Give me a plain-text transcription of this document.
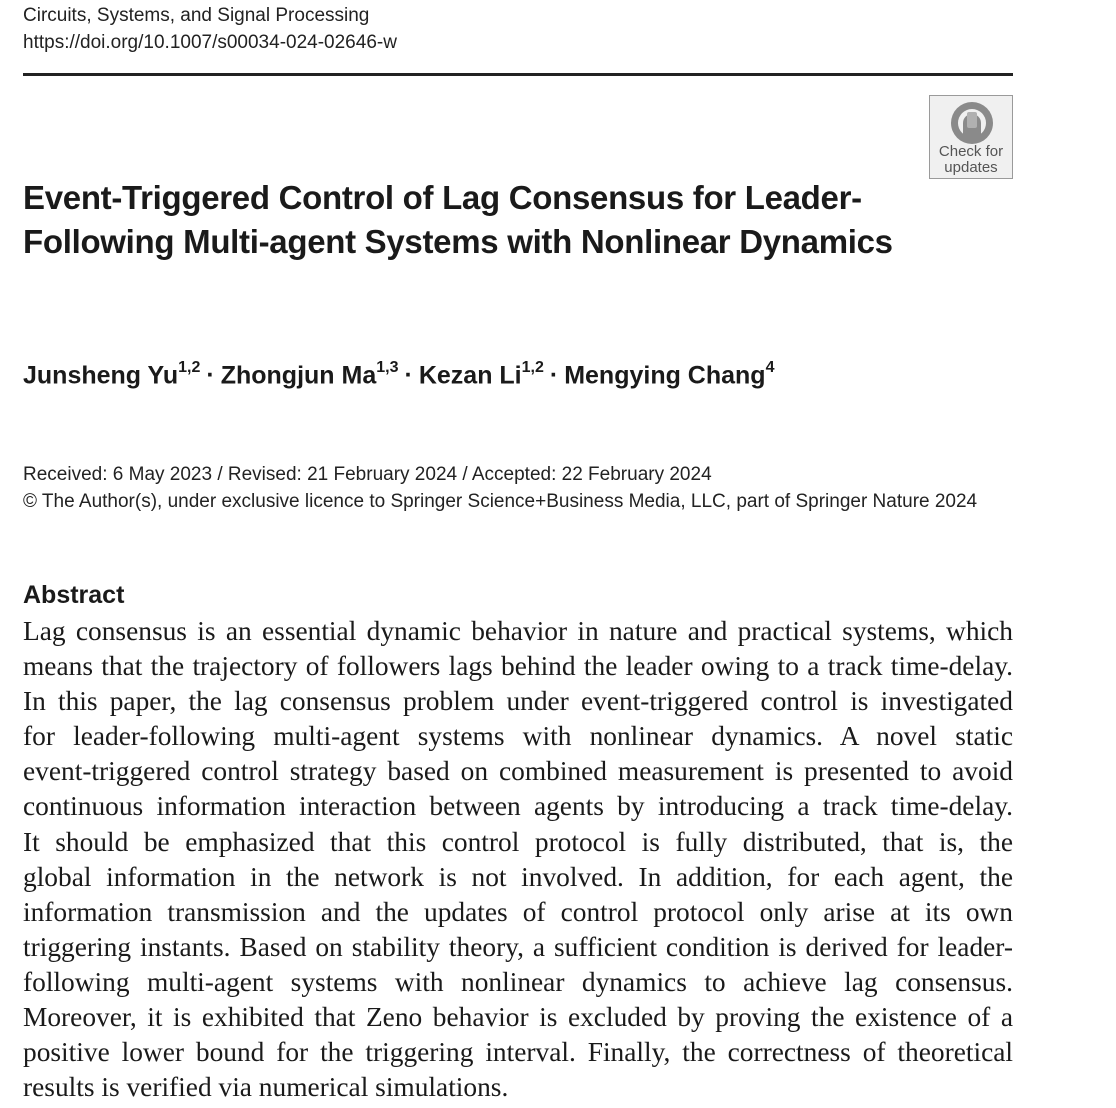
Circuits, Systems, and Signal Processing
https://doi.org/10.1007/s00034-024-02646-w
Check for
updates
Event-Triggered Control of Lag Consensus for Leader-Following Multi-agent Systems with Nonlinear Dynamics
Junsheng Yu$^{1,2}$ · Zhongjun Ma$^{1,3}$ · Kezan Li$^{1,2}$ · Mengying Chang$^4$
Received: 6 May 2023 / Revised: 21 February 2024 / Accepted: 22 February 2024
© The Author(s), under exclusive licence to Springer Science+Business Media, LLC, part of Springer Nature 2024
Abstract
Lag consensus is an essential dynamic behavior in nature and practical systems, which
means that the trajectory of followers lags behind the leader owing to a track time-delay.
In this paper, the lag consensus problem under event-triggered control is investigated
for leader-following multi-agent systems with nonlinear dynamics. A novel static
event-triggered control strategy based on combined measurement is presented to avoid
continuous information interaction between agents by introducing a track time-delay.
It should be emphasized that this control protocol is fully distributed, that is, the
global information in the network is not involved. In addition, for each agent, the
information transmission and the updates of control protocol only arise at its own
triggering instants. Based on stability theory, a sufficient condition is derived for leader-
following multi-agent systems with nonlinear dynamics to achieve lag consensus.
Moreover, it is exhibited that Zeno behavior is excluded by proving the existence of a
positive lower bound for the triggering interval. Finally, the correctness of theoretical
results is verified via numerical simulations.
